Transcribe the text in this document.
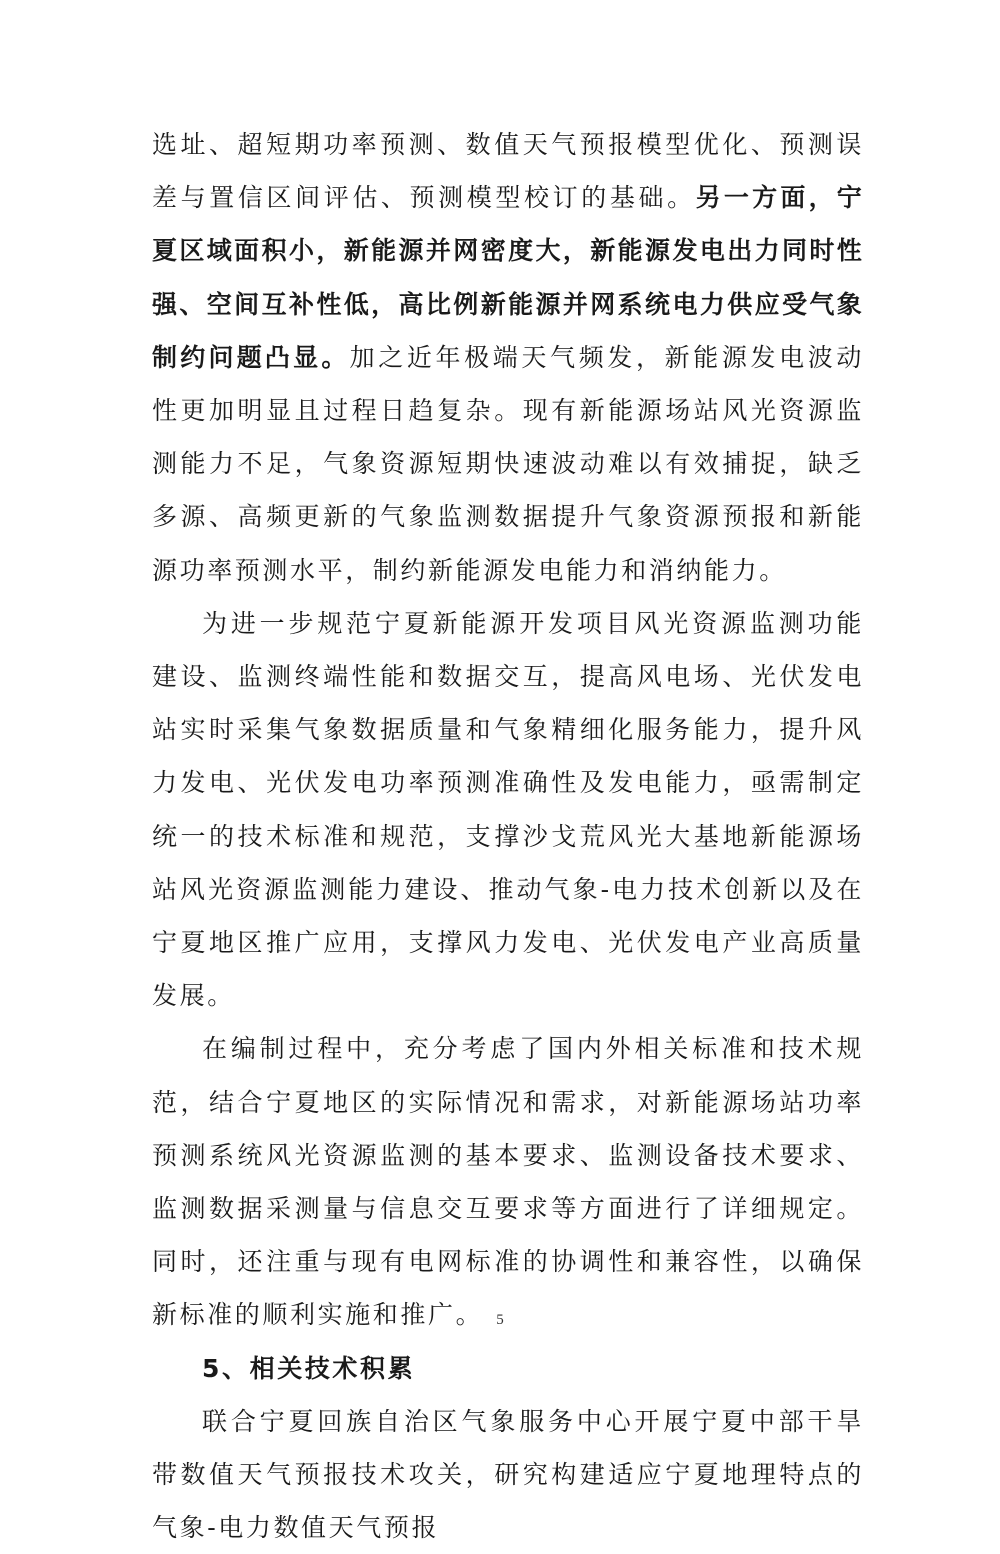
选址、超短期功率预测、数值天气预报模型优化、预测误差与置信区间评估、预测模型校订的基础。另一方面，宁夏区域面积小，新能源并网密度大，新能源发电出力同时性强、空间互补性低，高比例新能源并网系统电力供应受气象制约问题凸显。加之近年极端天气频发，新能源发电波动性更加明显且过程日趋复杂。现有新能源场站风光资源监测能力不足，气象资源短期快速波动难以有效捕捉，缺乏多源、高频更新的气象监测数据提升气象资源预报和新能源功率预测水平，制约新能源发电能力和消纳能力。

为进一步规范宁夏新能源开发项目风光资源监测功能建设、监测终端性能和数据交互，提高风电场、光伏发电站实时采集气象数据质量和气象精细化服务能力，提升风力发电、光伏发电功率预测准确性及发电能力，亟需制定统一的技术标准和规范，支撑沙戈荒风光大基地新能源场站风光资源监测能力建设、推动气象-电力技术创新以及在宁夏地区推广应用，支撑风力发电、光伏发电产业高质量发展。

在编制过程中，充分考虑了国内外相关标准和技术规范，结合宁夏地区的实际情况和需求，对新能源场站功率预测系统风光资源监测的基本要求、监测设备技术要求、监测数据采测量与信息交互要求等方面进行了详细规定。同时，还注重与现有电网标准的协调性和兼容性，以确保新标准的顺利实施和推广。

5、相关技术积累

联合宁夏回族自治区气象服务中心开展宁夏中部干旱带数值天气预报技术攻关，研究构建适应宁夏地理特点的气象-电力数值天气预报

5
